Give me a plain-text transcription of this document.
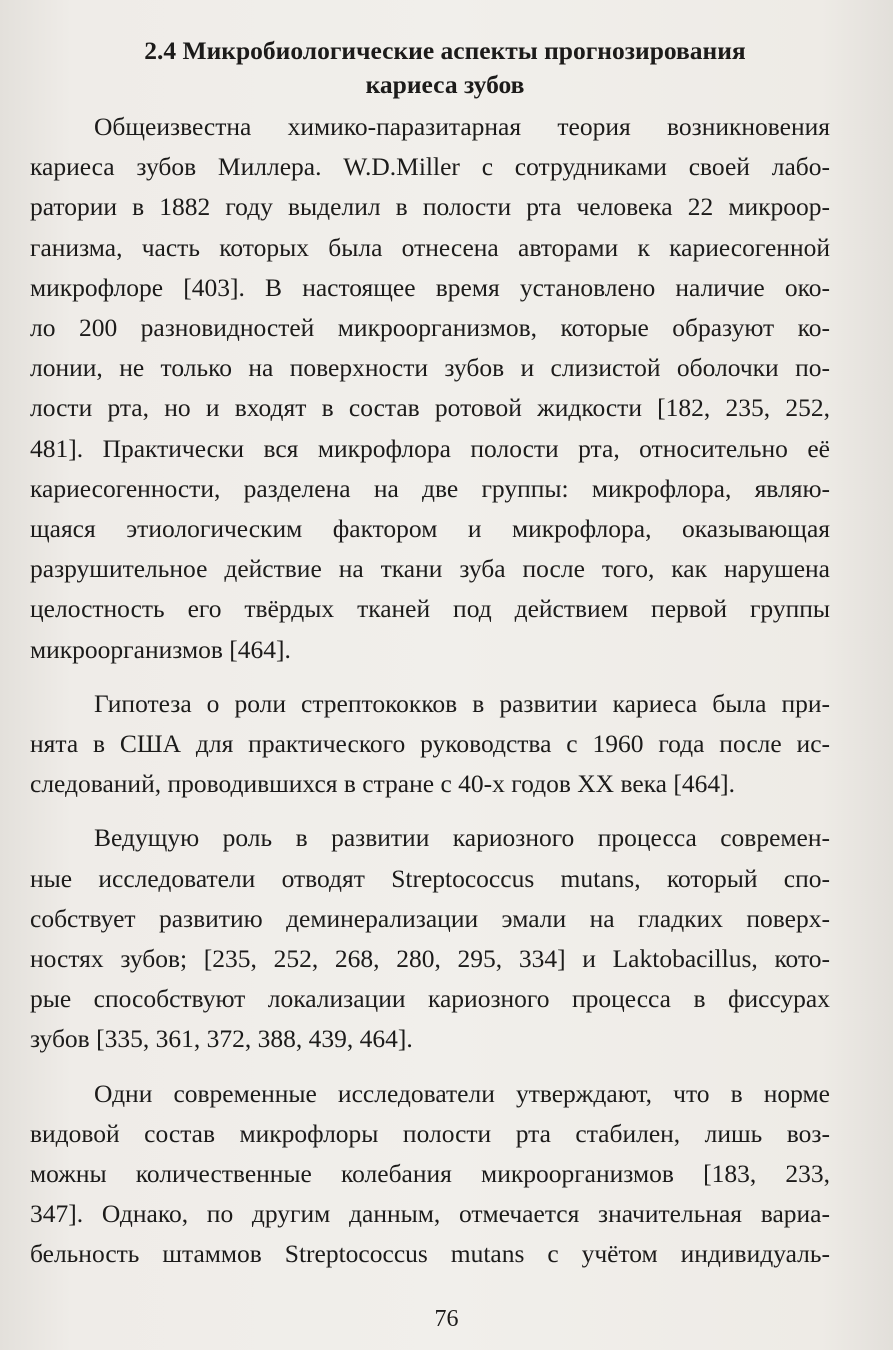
2.4 Микробиологические аспекты прогнозирования
кариеса зубов
Общеизвестна химико-паразитарная теория возникновения
кариеса зубов Миллера. W.D.Miller с сотрудниками своей лабо-
ратории в 1882 году выделил в полости рта человека 22 микроор-
ганизма, часть которых была отнесена авторами к кариесогенной
микрофлоре [403]. В настоящее время установлено наличие око-
ло 200 разновидностей микроорганизмов, которые образуют ко-
лонии, не только на поверхности зубов и слизистой оболочки по-
лости рта, но и входят в состав ротовой жидкости [182, 235, 252,
481]. Практически вся микрофлора полости рта, относительно её
кариесогенности, разделена на две группы: микрофлора, являю-
щаяся этиологическим фактором и микрофлора, оказывающая
разрушительное действие на ткани зуба после того, как нарушена
целостность его твёрдых тканей под действием первой группы
микроорганизмов [464].
Гипотеза о роли стрептококков в развитии кариеса была при-
нята в США для практического руководства с 1960 года после ис-
следований, проводившихся в стране с 40-х годов XX века [464].
Ведущую роль в развитии кариозного процесса современ-
ные исследователи отводят Streptococcus mutans, который спо-
собствует развитию деминерализации эмали на гладких поверх-
ностях зубов; [235, 252, 268, 280, 295, 334] и Laktobacillus, кото-
рые способствуют локализации кариозного процесса в фиссурах
зубов [335, 361, 372, 388, 439, 464].
Одни современные исследователи утверждают, что в норме
видовой состав микрофлоры полости рта стабилен, лишь воз-
можны количественные колебания микроорганизмов [183, 233,
347]. Однако, по другим данным, отмечается значительная вариа-
бельность штаммов Streptococcus mutans с учётом индивидуаль-
76
